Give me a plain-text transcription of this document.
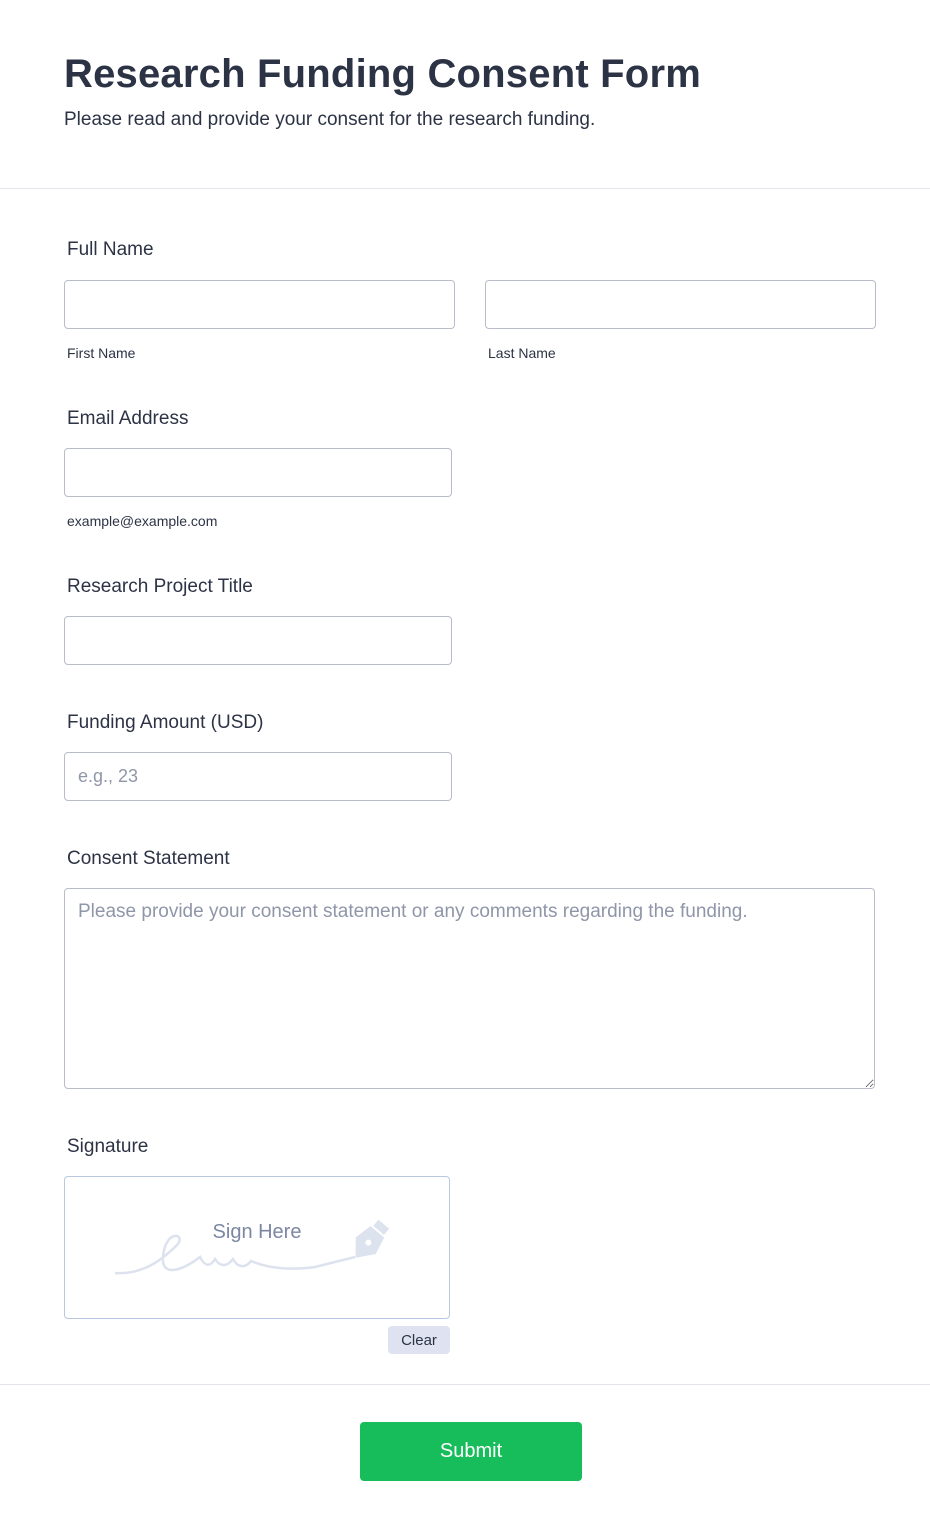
Research Funding Consent Form
Please read and provide your consent for the research funding.
Full Name
First Name	Last Name
Email Address
example@example.com
Research Project Title
Funding Amount (USD)
e.g., 23
Consent Statement
Please provide your consent statement or any comments regarding the funding.
Signature
Sign Here
Clear
Submit
